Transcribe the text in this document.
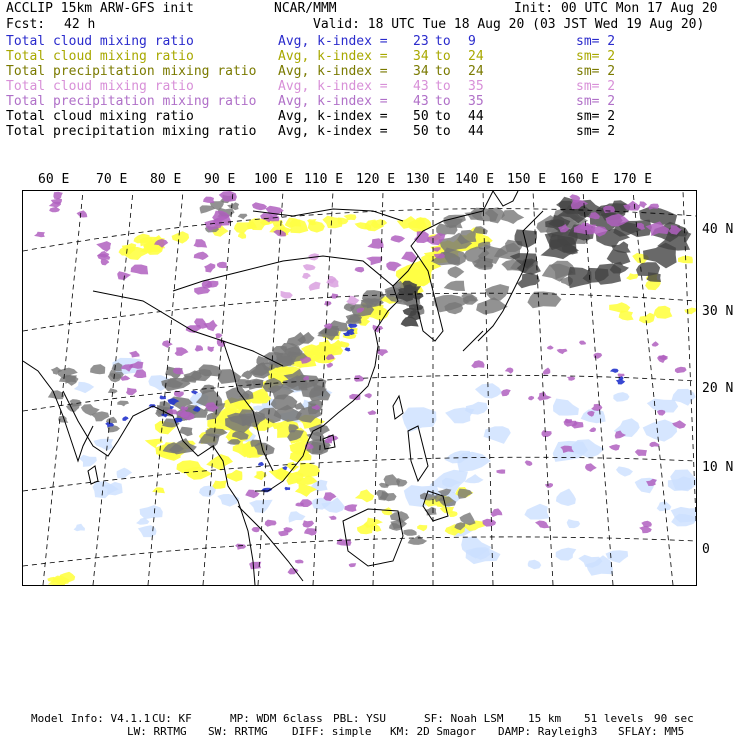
ACCLIP 15km ARW-GFS init	NCAR/MMM	Init: 00 UTC Mon 17 Aug 20
Fcst: 42 h	Valid: 18 UTC Tue 18 Aug 20 (03 JST Wed 19 Aug 20)
Total cloud mixing ratio	Avg, k-index = 23 to 9	sm= 2
Total cloud mixing ratio	Avg, k-index = 34 to 24	sm= 2
Total precipitation mixing ratio Avg, k-index = 34 to 24	sm= 2
Total cloud mixing ratio	Avg, k-index = 43 to 35	sm= 2
Total precipitation mixing ratio Avg, k-index = 43 to 35	sm= 2
Total cloud mixing ratio	Avg, k-index = 50 to 44	sm= 2
Total precipitation mixing ratio Avg, k-index = 50 to 44	sm= 2
60 E 70 E 80 E 90 E 100 E 110 E 120 E 130 E 140 E 150 E 160 E 170 E
40 N
30 N
20 N
10 N
0
Model Info: V4.1.1 CU: KF	MP: WDM 6class PBL: YSU	SF: Noah LSM 15 km 51 levels 90 sec
LW: RRTMG SW: RRTMG DIFF: simple KM: 2D Smagor DAMP: Rayleigh3 SFLAY: MM5
